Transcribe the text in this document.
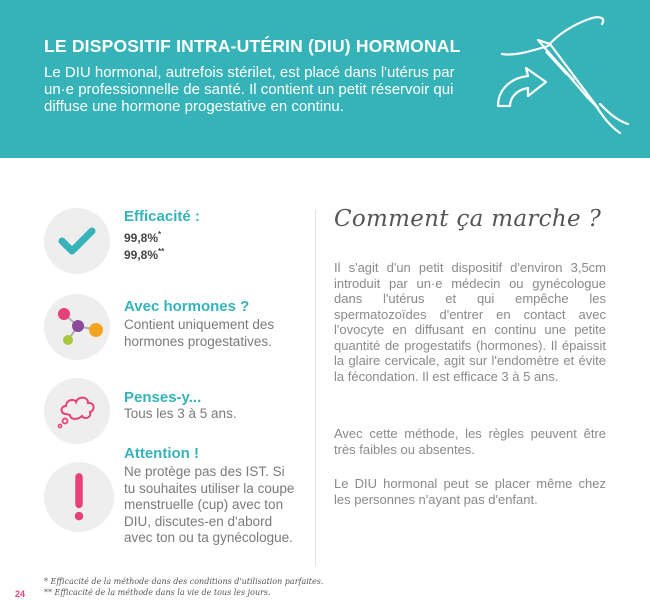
LE DISPOSITIF INTRA-UTÉRIN (DIU) HORMONAL
Le DIU hormonal, autrefois stérilet, est placé dans l'utérus par un·e professionnelle de santé. Il contient un petit réservoir qui diffuse une hormone progestative en continu.
Efficacité :
99,8%*
99,8%**
Avec hormones ?
Contient uniquement des hormones progestatives.
Penses-y...
Tous les 3 à 5 ans.
Attention !
Ne protège pas des IST. Si tu souhaites utiliser la coupe menstruelle (cup) avec ton DIU, discutes-en d'abord avec ton ou ta gynécologue.
Comment ça marche ?
Il s'agit d'un petit dispositif d'environ 3,5cm introduit par un·e médecin ou gynécologue dans l'utérus et qui empêche les spermatozoïdes d'entrer en contact avec l'ovocyte en diffusant en continu une petite quantité de progestatifs (hormones). Il épaissit la glaire cervicale, agit sur l'endomètre et évite la fécondation. Il est efficace 3 à 5 ans.
Avec cette méthode, les règles peuvent être très faibles ou absentes.
Le DIU hormonal peut se placer même chez les personnes n'ayant pas d'enfant.
* Efficacité de la méthode dans des conditions d'utilisation parfaites.
** Efficacité de la méthode dans la vie de tous les jours.
24
